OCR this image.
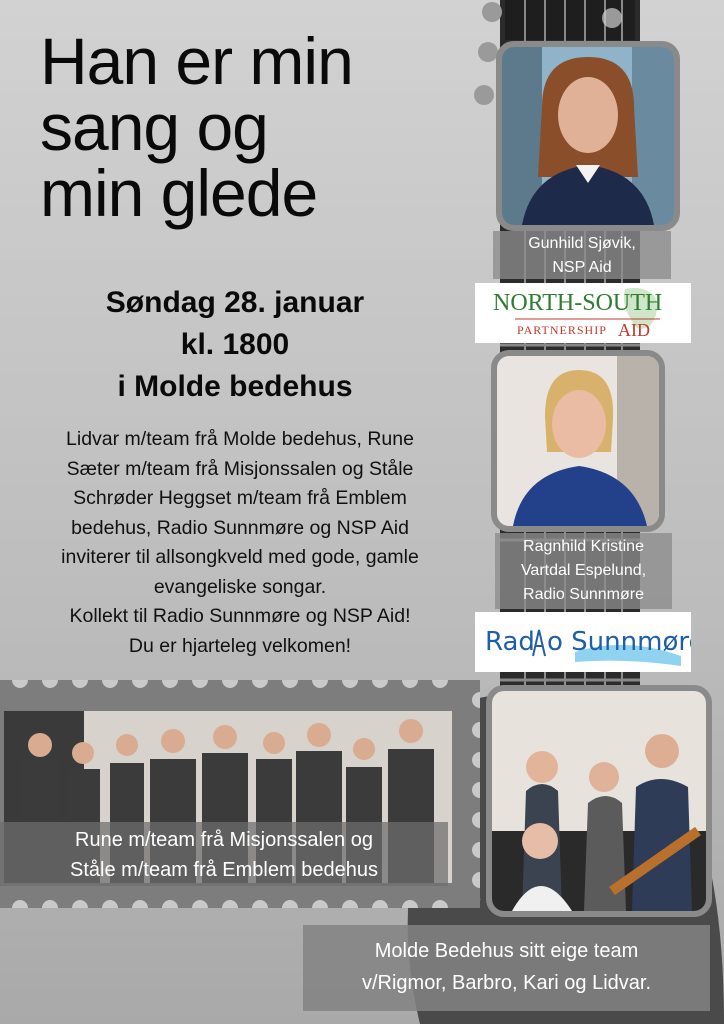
Han er min
sang og
min glede
Søndag 28. januar
kl. 1800
i Molde bedehus
Lidvar m/team frå Molde bedehus, Rune
Sæter m/team frå Misjonssalen og Ståle
Schrøder Heggset m/team frå Emblem
bedehus, Radio Sunnmøre og NSP Aid
inviterer til allsongkveld med gode, gamle
evangeliske songar.
Kollekt til Radio Sunnmøre og NSP Aid!
Du er hjarteleg velkomen!
Gunhild Sjøvik,
NSP Aid
NORTH-SOUTH
PARTNERSHIP AID
Ragnhild Kristine
Vartdal Espelund,
Radio Sunnmøre
Rad o Sunnmøre
Rune m/team frå Misjonssalen og
Ståle m/team frå Emblem bedehus
Molde Bedehus sitt eige team
v/Rigmor, Barbro, Kari og Lidvar.
